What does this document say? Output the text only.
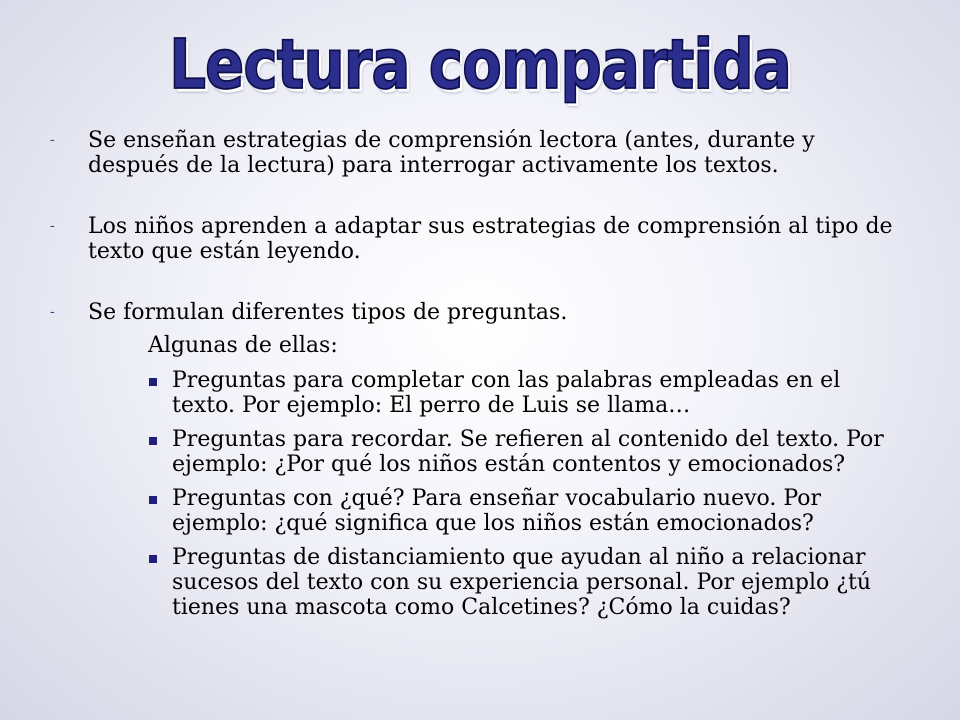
Lectura compartida
- Se enseñan estrategias de comprensión lectora (antes, durante y después de la lectura) para interrogar activamente los textos.
- Los niños aprenden a adaptar sus estrategias de comprensión al tipo de texto que están leyendo.
- Se formulan diferentes tipos de preguntas.
Algunas de ellas:
Preguntas para completar con las palabras empleadas en el texto. Por ejemplo: El perro de Luis se llama…
Preguntas para recordar. Se refieren al contenido del texto. Por ejemplo: ¿Por qué los niños están contentos y emocionados?
Preguntas con ¿qué? Para enseñar vocabulario nuevo. Por ejemplo: ¿qué significa que los niños están emocionados?
Preguntas de distanciamiento que ayudan al niño a relacionar sucesos del texto con su experiencia personal. Por ejemplo ¿tú tienes una mascota como Calcetines? ¿Cómo la cuidas?
